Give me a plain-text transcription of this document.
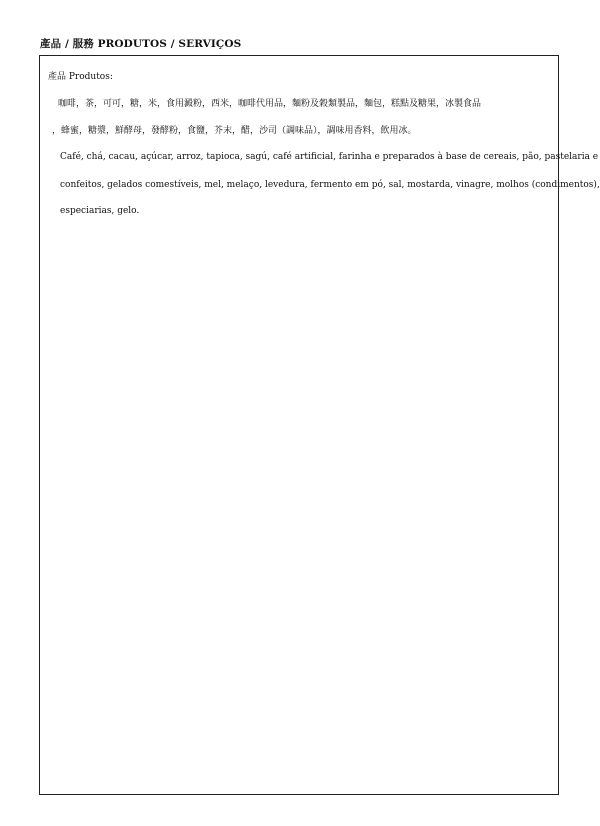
產品 / 服務 PRODUTOS / SERVIÇOS
產品 Produtos:
咖啡，茶，可可，糖，米，食用澱粉，西米，咖啡代用品，麵粉及穀類製品，麵包，糕點及糖果，冰製食品
，蜂蜜，糖漿，鮮酵母，發酵粉，食鹽，芥末，醋，沙司（調味品），調味用香料，飲用冰。
Café, chá, cacau, açúcar, arroz, tapioca, sagú, café artificial, farinha e preparados à base de cereais, pão, pastelaria e
confeitos, gelados comestíveis, mel, melaço, levedura, fermento em pó, sal, mostarda, vinagre, molhos (condimentos),
especiarias, gelo.
